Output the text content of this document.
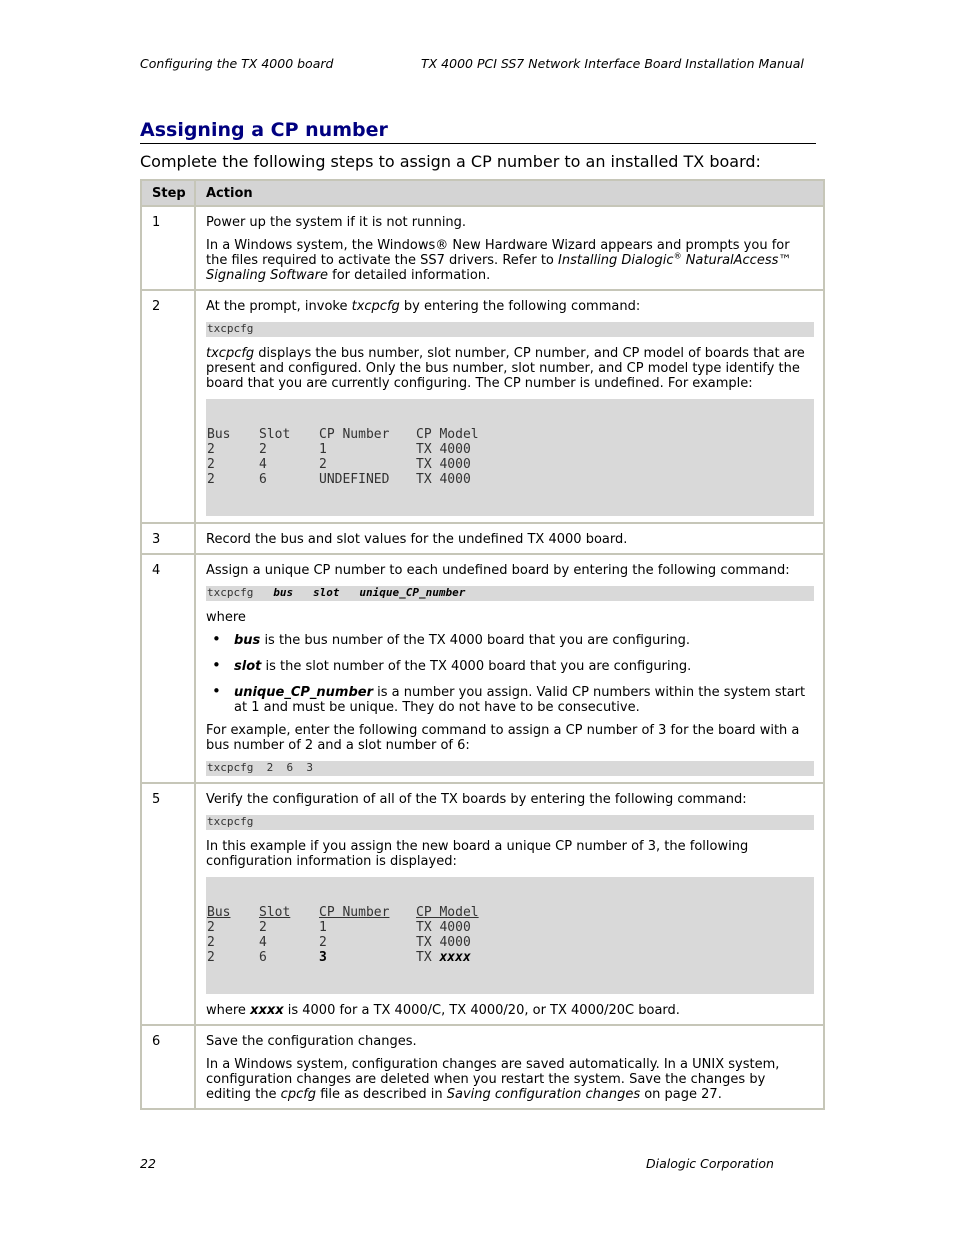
Configuring the TX 4000 board	TX 4000 PCI SS7 Network Interface Board Installation Manual
Assigning a CP number
Complete the following steps to assign a CP number to an installed TX board:
Step	Action
1	Power up the system if it is not running.

In a Windows system, the Windows® New Hardware Wizard appears and prompts you for the files required to activate the SS7 drivers. Refer to Installing Dialogic® NaturalAccess™ Signaling Software for detailed information.

2	At the prompt, invoke txcpcfg by entering the following command:

txcpcfg

txcpcfg displays the bus number, slot number, CP number, and CP model of boards that are present and configured. Only the bus number, slot number, and CP model type identify the board that you are currently configuring. The CP number is undefined. For example:

Bus	Slot	CP Number	CP Model
2	2	1	TX 4000
2	4	2	TX 4000
2	6	UNDEFINED	TX 4000

3	Record the bus and slot values for the undefined TX 4000 board.

4	Assign a unique CP number to each undefined board by entering the following command:

txcpcfg bus slot unique_CP_number

where

• bus is the bus number of the TX 4000 board that you are configuring.
• slot is the slot number of the TX 4000 board that you are configuring.
• unique_CP_number is a number you assign. Valid CP numbers within the system start at 1 and must be unique. They do not have to be consecutive.

For example, enter the following command to assign a CP number of 3 for the board with a bus number of 2 and a slot number of 6:

txcpcfg  2  6  3

5	Verify the configuration of all of the TX boards by entering the following command:

txcpcfg

In this example if you assign the new board a unique CP number of 3, the following configuration information is displayed:

Bus	Slot	CP Number	CP Model
2	2	1	TX 4000
2	4	2	TX 4000
2	6	3	TX xxxx

where xxxx is 4000 for a TX 4000/C, TX 4000/20, or TX 4000/20C board.

6	Save the configuration changes.

In a Windows system, configuration changes are saved automatically. In a UNIX system, configuration changes are deleted when you restart the system. Save the changes by editing the cpcfg file as described in Saving configuration changes on page 27.

22	Dialogic Corporation
